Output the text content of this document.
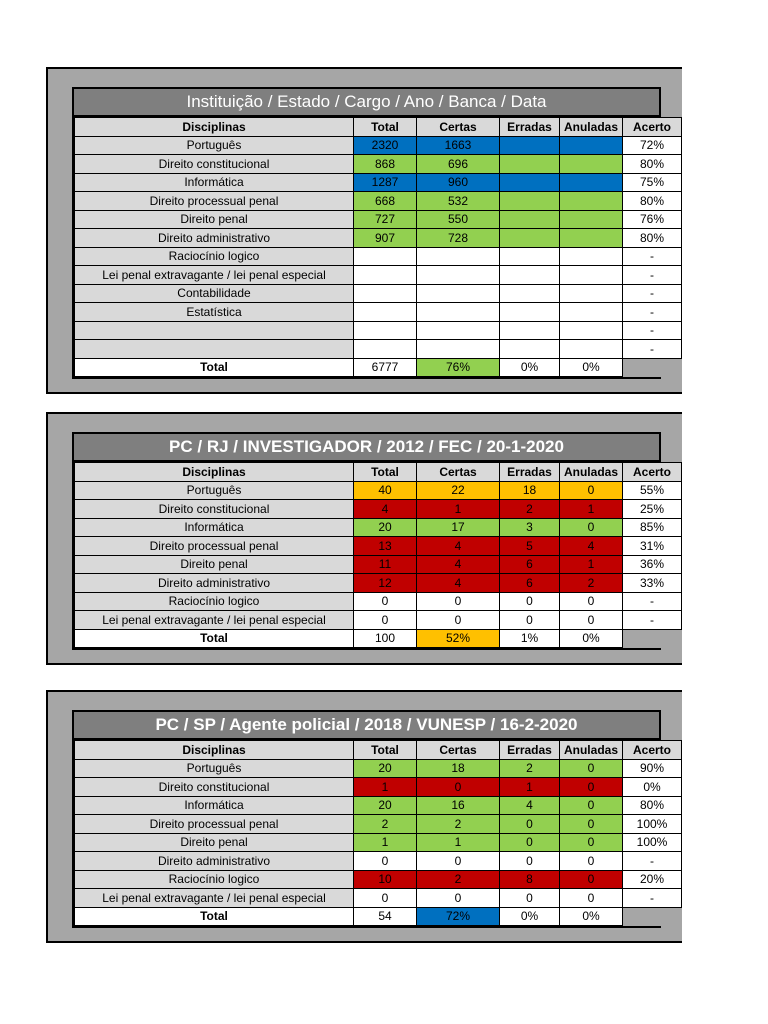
Instituição / Estado / Cargo / Ano / Banca / Data
Disciplinas	Total	Certas	Erradas	Anuladas	Acerto
Português	2320	1663			72%
Direito constitucional	868	696			80%
Informática	1287	960			75%
Direito processual penal	668	532			80%
Direito penal	727	550			76%
Direito administrativo	907	728			80%
Raciocínio logico					-
Lei penal extravagante / lei penal especial					-
Contabilidade					-
Estatística					-
					-
					-
Total	6777	76%	0%	0%	
PC / RJ / INVESTIGADOR / 2012 / FEC / 20-1-2020
Disciplinas	Total	Certas	Erradas	Anuladas	Acerto
Português	40	22	18	0	55%
Direito constitucional	4	1	2	1	25%
Informática	20	17	3	0	85%
Direito processual penal	13	4	5	4	31%
Direito penal	11	4	6	1	36%
Direito administrativo	12	4	6	2	33%
Raciocínio logico	0	0	0	0	-
Lei penal extravagante / lei penal especial	0	0	0	0	-
Total	100	52%	1%	0%	
PC / SP / Agente policial / 2018 / VUNESP / 16-2-2020
Disciplinas	Total	Certas	Erradas	Anuladas	Acerto
Português	20	18	2	0	90%
Direito constitucional	1	0	1	0	0%
Informática	20	16	4	0	80%
Direito processual penal	2	2	0	0	100%
Direito penal	1	1	0	0	100%
Direito administrativo	0	0	0	0	-
Raciocínio logico	10	2	8	0	20%
Lei penal extravagante / lei penal especial	0	0	0	0	-
Total	54	72%	0%	0%	
